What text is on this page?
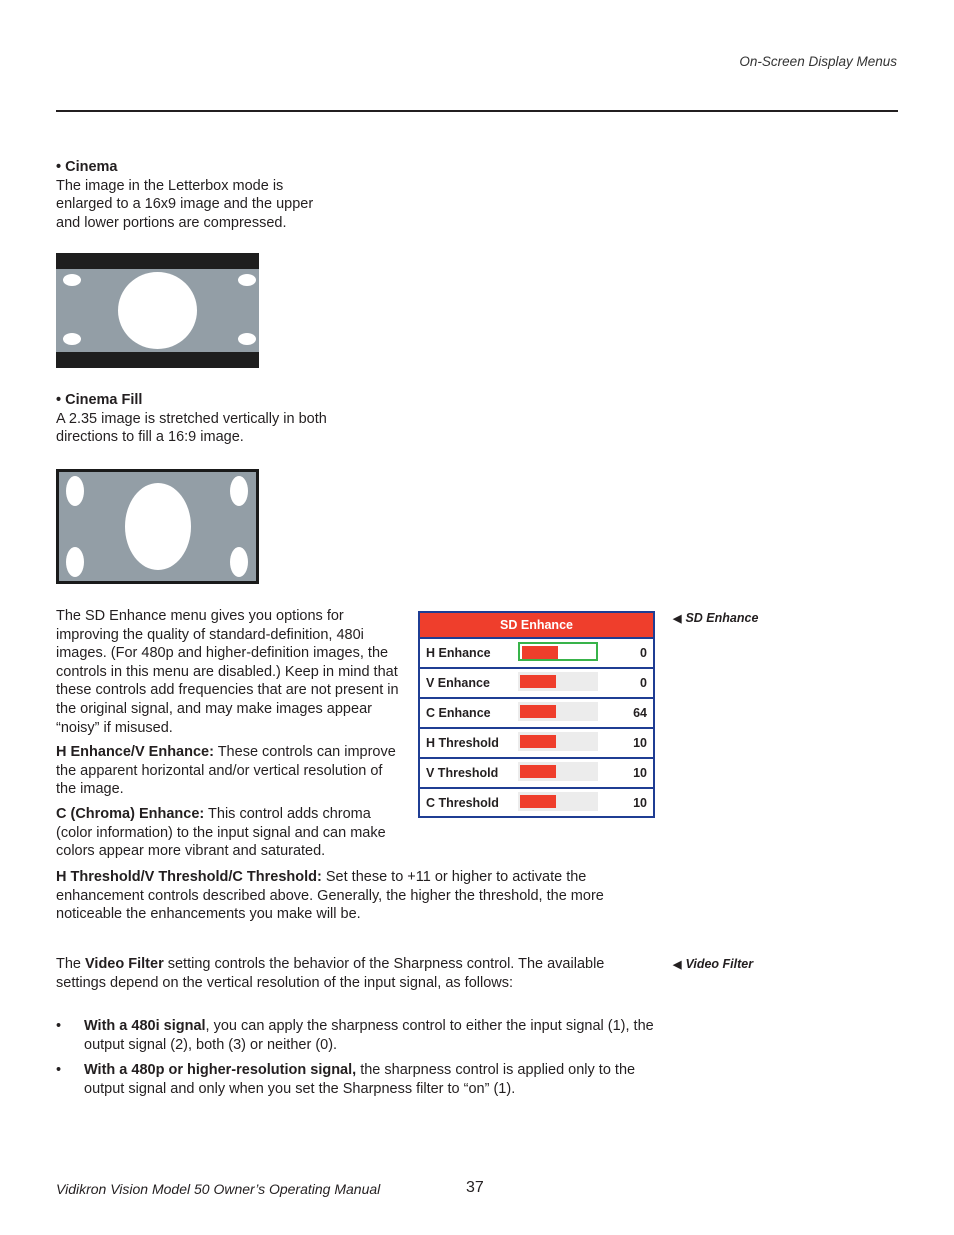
On-Screen Display Menus

• Cinema

The image in the Letterbox mode is enlarged to a 16x9 image and the upper and lower portions are compressed.

• Cinema Fill

A 2.35 image is stretched vertically in both directions to fill a 16:9 image.

The SD Enhance menu gives you options for improving the quality of standard-definition, 480i images. (For 480p and higher-definition images, the controls in this menu are disabled.) Keep in mind that these controls add frequencies that are not present in the original signal, and may make images appear “noisy” if misused.

H Enhance/V Enhance: These controls can improve the apparent horizontal and/or vertical resolution of the image.

C (Chroma) Enhance: This control adds chroma (color information) to the input signal and can make colors appear more vibrant and saturated.

H Threshold/V Threshold/C Threshold: Set these to +11 or higher to activate the enhancement controls described above. Generally, the higher the threshold, the more noticeable the enhancements you make will be.

SD Enhance
H Enhance	0
V Enhance	0
C Enhance	64
H Threshold	10
V Threshold	10
C Threshold	10
◀ SD Enhance

The Video Filter setting controls the behavior of the Sharpness control. The available settings depend on the vertical resolution of the input signal, as follows:

◀ Video Filter
• With a 480i signal, you can apply the sharpness control to either the input signal (1), the output signal (2), both (3) or neither (0).

• With a 480p or higher-resolution signal, the sharpness control is applied only to the output signal and only when you set the Sharpness filter to “on” (1).

Vidikron Vision Model 50 Owner’s Operating Manual	37
